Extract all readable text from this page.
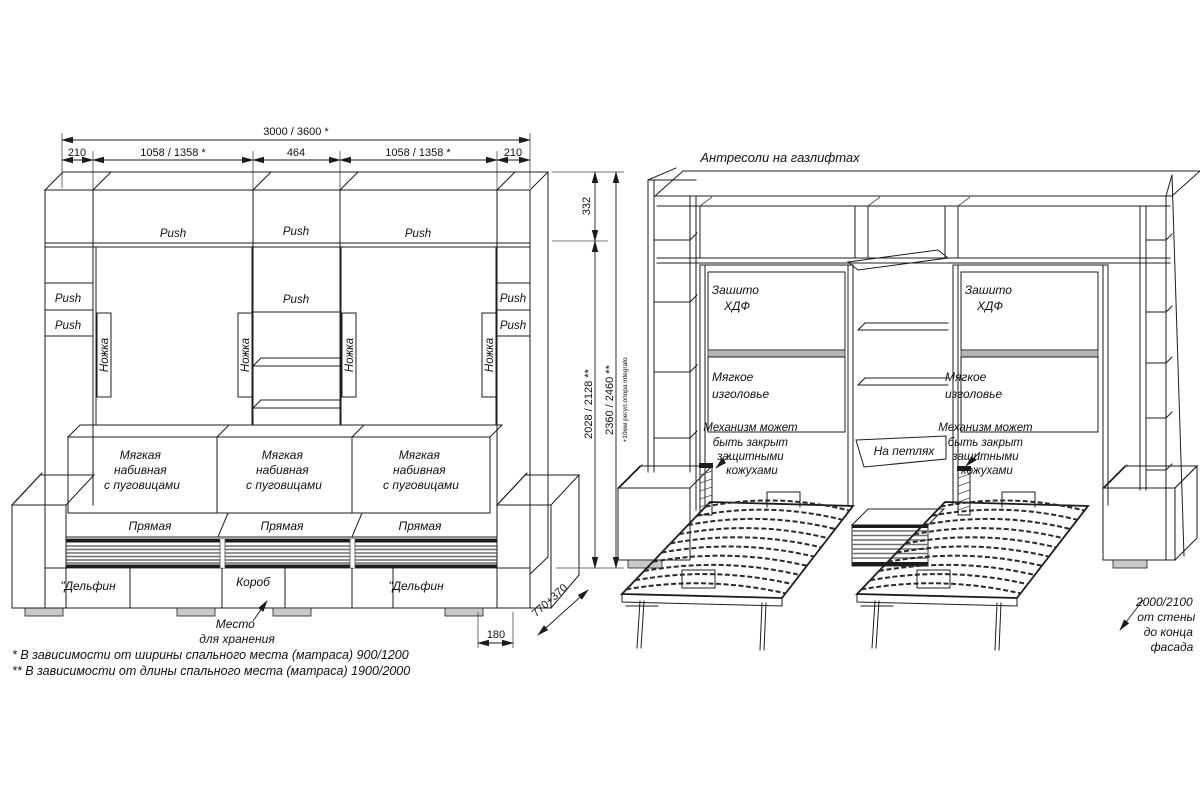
3000 / 3600 *
210	1058 / 1358 *	464	1058 / 1358 *	210
Push
Push
Push
Push
Push	Push	Push
Push
Ножка	Ножка	Ножка	Ножка
Мягкая набивная с пуговицами
Мягкая набивная с пуговицами
Мягкая набивная с пуговицами
Прямая	Прямая	Прямая
"Дельфин	Короб	"Дельфин
332
2028 / 2128 ** 2360 / 2460 ** +10мм регул.опора integrato
770+370
180
Место для хранения
Антресоли на газлифтах
Зашито ХДФ
Мягкое изголовье
Зашито ХДФ
Мягкое изголовье
На петлях
Механизм может быть закрыт защитными кожухами
Механизм может быть закрыт защитными кожухами
2000/2100 от стены до конца фасада
* В зависимости от ширины спального места (матраса) 900/1200
** В зависимости от длины спального места (матраса) 1900/2000
